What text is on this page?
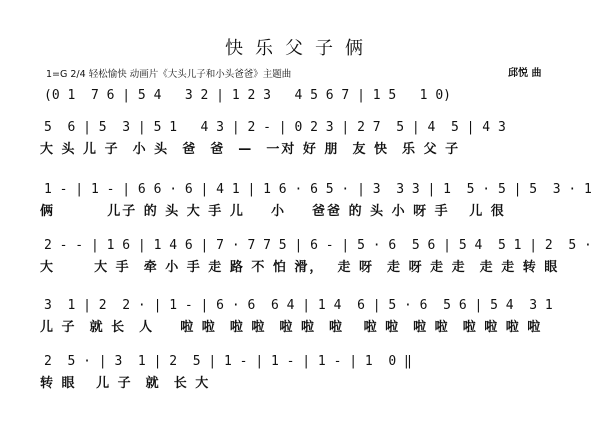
快乐父子俩
1=G 2/4 轻松愉快 动画片《大头儿子和小头爸爸》主题曲	邱悦 曲
(0 1  7 6 | 5 4   3 2 | 1 2 3   4 5 6 7 | 1 5   1 0)
5  6 | 5  3 | 5 1   4 3 | 2 - | 0 2 3 | 2 7  5 | 4  5 | 4 3
大 头 儿 子  小 头  爸  爸  —  一对 好 朋  友 快  乐 父 子
1 - | 1 - | 6 6 · 6 | 4 1 | 1 6 · 6 5 · | 3  3 3 | 1  5 · 5 | 5  3 · 1
俩        儿子 的 头 大 手 儿    小    爸爸 的 头 小 呀 手   儿 很
2 - - | 1 6 | 1 4 6 | 7 · 7 7 5 | 6 - | 5 · 6  5 6 | 5 4  5 1 | 2  5 ·
大      大 手  牵 小 手 走 路 不 怕 滑，  走 呀  走 呀 走 走  走 走 转 眼
3  1 | 2  2 · | 1 - | 6 · 6  6 4 | 1 4  6 | 5 · 6  5 6 | 5 4  3 1
儿 子  就 长  人    啦 啦  啦 啦  啦 啦  啦   啦 啦  啦 啦  啦 啦 啦 啦
2  5 · | 3  1 | 2  5 | 1 - | 1 - | 1 - | 1  0 ‖
转 眼   儿 子  就  长 大
